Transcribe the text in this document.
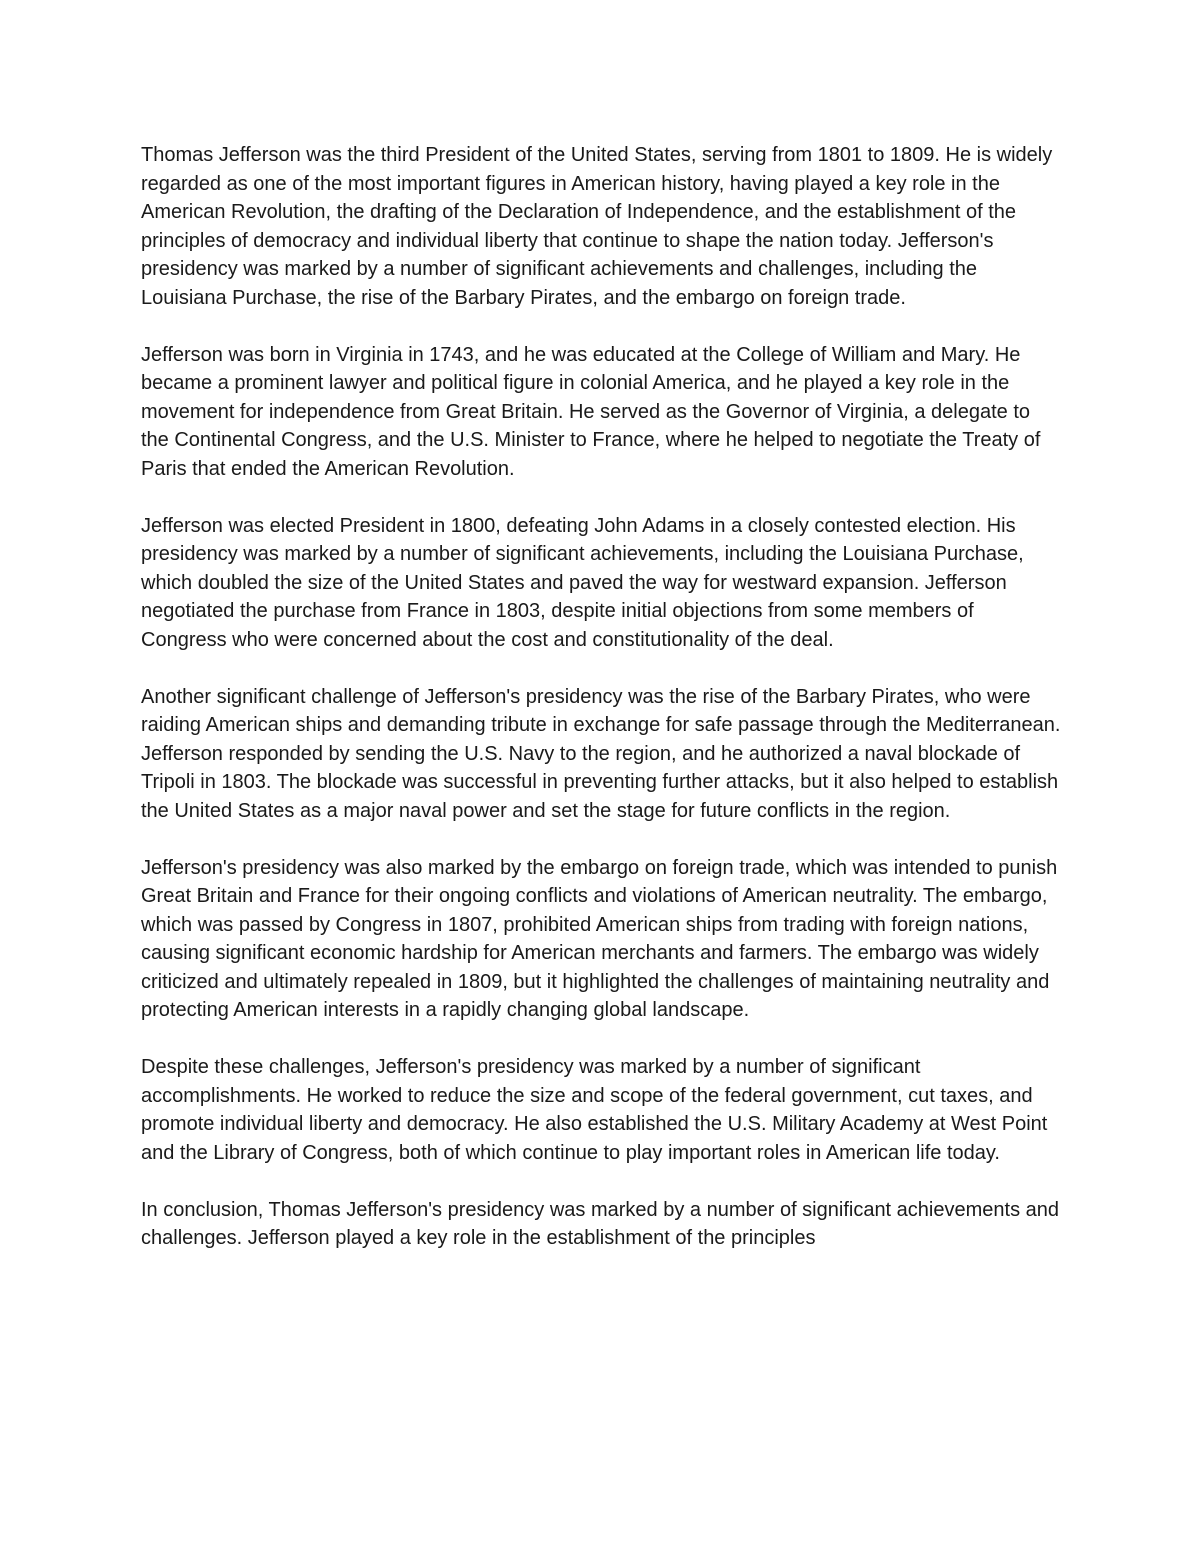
Thomas Jefferson was the third President of the United States, serving from 1801 to 1809. He is widely regarded as one of the most important figures in American history, having played a key role in the American Revolution, the drafting of the Declaration of Independence, and the establishment of the principles of democracy and individual liberty that continue to shape the nation today. Jefferson's presidency was marked by a number of significant achievements and challenges, including the Louisiana Purchase, the rise of the Barbary Pirates, and the embargo on foreign trade.

Jefferson was born in Virginia in 1743, and he was educated at the College of William and Mary. He became a prominent lawyer and political figure in colonial America, and he played a key role in the movement for independence from Great Britain. He served as the Governor of Virginia, a delegate to the Continental Congress, and the U.S. Minister to France, where he helped to negotiate the Treaty of Paris that ended the American Revolution.

Jefferson was elected President in 1800, defeating John Adams in a closely contested election. His presidency was marked by a number of significant achievements, including the Louisiana Purchase, which doubled the size of the United States and paved the way for westward expansion. Jefferson negotiated the purchase from France in 1803, despite initial objections from some members of Congress who were concerned about the cost and constitutionality of the deal.

Another significant challenge of Jefferson's presidency was the rise of the Barbary Pirates, who were raiding American ships and demanding tribute in exchange for safe passage through the Mediterranean. Jefferson responded by sending the U.S. Navy to the region, and he authorized a naval blockade of Tripoli in 1803. The blockade was successful in preventing further attacks, but it also helped to establish the United States as a major naval power and set the stage for future conflicts in the region.

Jefferson's presidency was also marked by the embargo on foreign trade, which was intended to punish Great Britain and France for their ongoing conflicts and violations of American neutrality. The embargo, which was passed by Congress in 1807, prohibited American ships from trading with foreign nations, causing significant economic hardship for American merchants and farmers. The embargo was widely criticized and ultimately repealed in 1809, but it highlighted the challenges of maintaining neutrality and protecting American interests in a rapidly changing global landscape.

Despite these challenges, Jefferson's presidency was marked by a number of significant accomplishments. He worked to reduce the size and scope of the federal government, cut taxes, and promote individual liberty and democracy. He also established the U.S. Military Academy at West Point and the Library of Congress, both of which continue to play important roles in American life today.

In conclusion, Thomas Jefferson's presidency was marked by a number of significant achievements and challenges. Jefferson played a key role in the establishment of the principles
